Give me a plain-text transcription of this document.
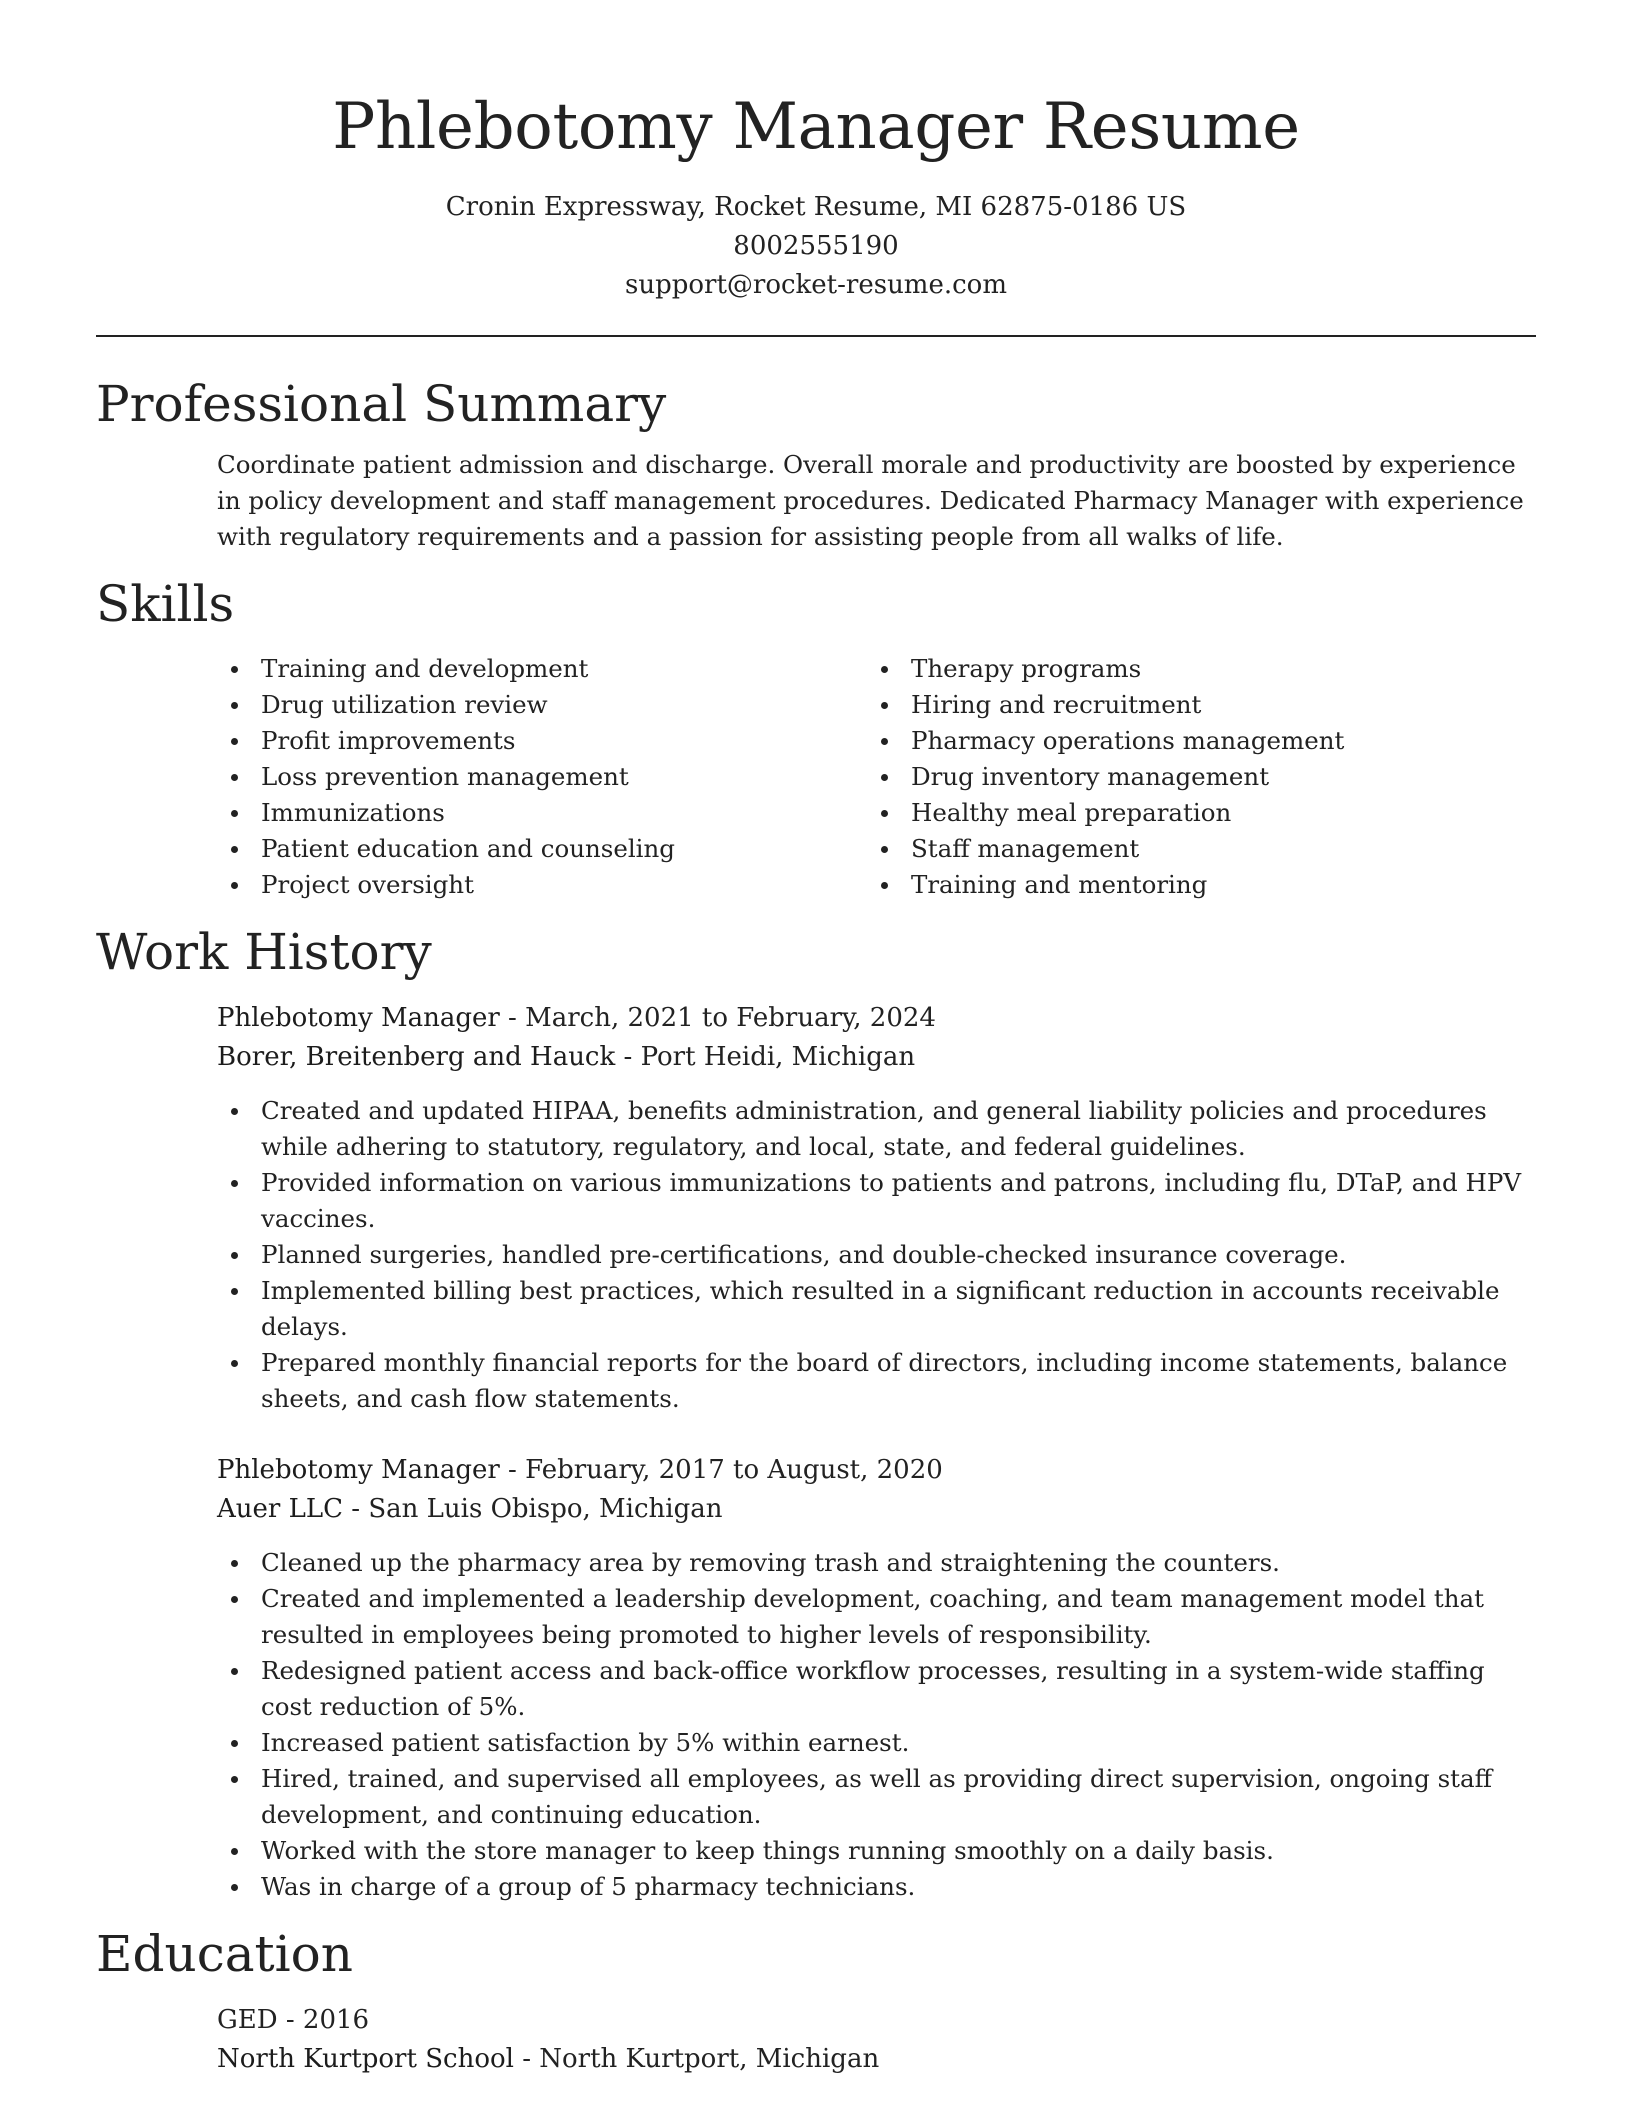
Phlebotomy Manager Resume
Cronin Expressway, Rocket Resume, MI 62875-0186 US
8002555190
support@rocket-resume.com
Professional Summary
Coordinate patient admission and discharge. Overall morale and productivity are boosted by experience in policy development and staff management procedures. Dedicated Pharmacy Manager with experience with regulatory requirements and a passion for assisting people from all walks of life.
Skills
Training and development
Drug utilization review
Profit improvements
Loss prevention management
Immunizations
Patient education and counseling
Project oversight
Therapy programs
Hiring and recruitment
Pharmacy operations management
Drug inventory management
Healthy meal preparation
Staff management
Training and mentoring
Work History
Phlebotomy Manager - March, 2021 to February, 2024
Borer, Breitenberg and Hauck - Port Heidi, Michigan
Created and updated HIPAA, benefits administration, and general liability policies and procedures while adhering to statutory, regulatory, and local, state, and federal guidelines.
Provided information on various immunizations to patients and patrons, including flu, DTaP, and HPV vaccines.
Planned surgeries, handled pre-certifications, and double-checked insurance coverage.
Implemented billing best practices, which resulted in a significant reduction in accounts receivable delays.
Prepared monthly financial reports for the board of directors, including income statements, balance sheets, and cash flow statements.
Phlebotomy Manager - February, 2017 to August, 2020
Auer LLC - San Luis Obispo, Michigan
Cleaned up the pharmacy area by removing trash and straightening the counters.
Created and implemented a leadership development, coaching, and team management model that resulted in employees being promoted to higher levels of responsibility.
Redesigned patient access and back-office workflow processes, resulting in a system-wide staffing cost reduction of 5%.
Increased patient satisfaction by 5% within earnest.
Hired, trained, and supervised all employees, as well as providing direct supervision, ongoing staff development, and continuing education.
Worked with the store manager to keep things running smoothly on a daily basis.
Was in charge of a group of 5 pharmacy technicians.
Education
GED - 2016
North Kurtport School - North Kurtport, Michigan
